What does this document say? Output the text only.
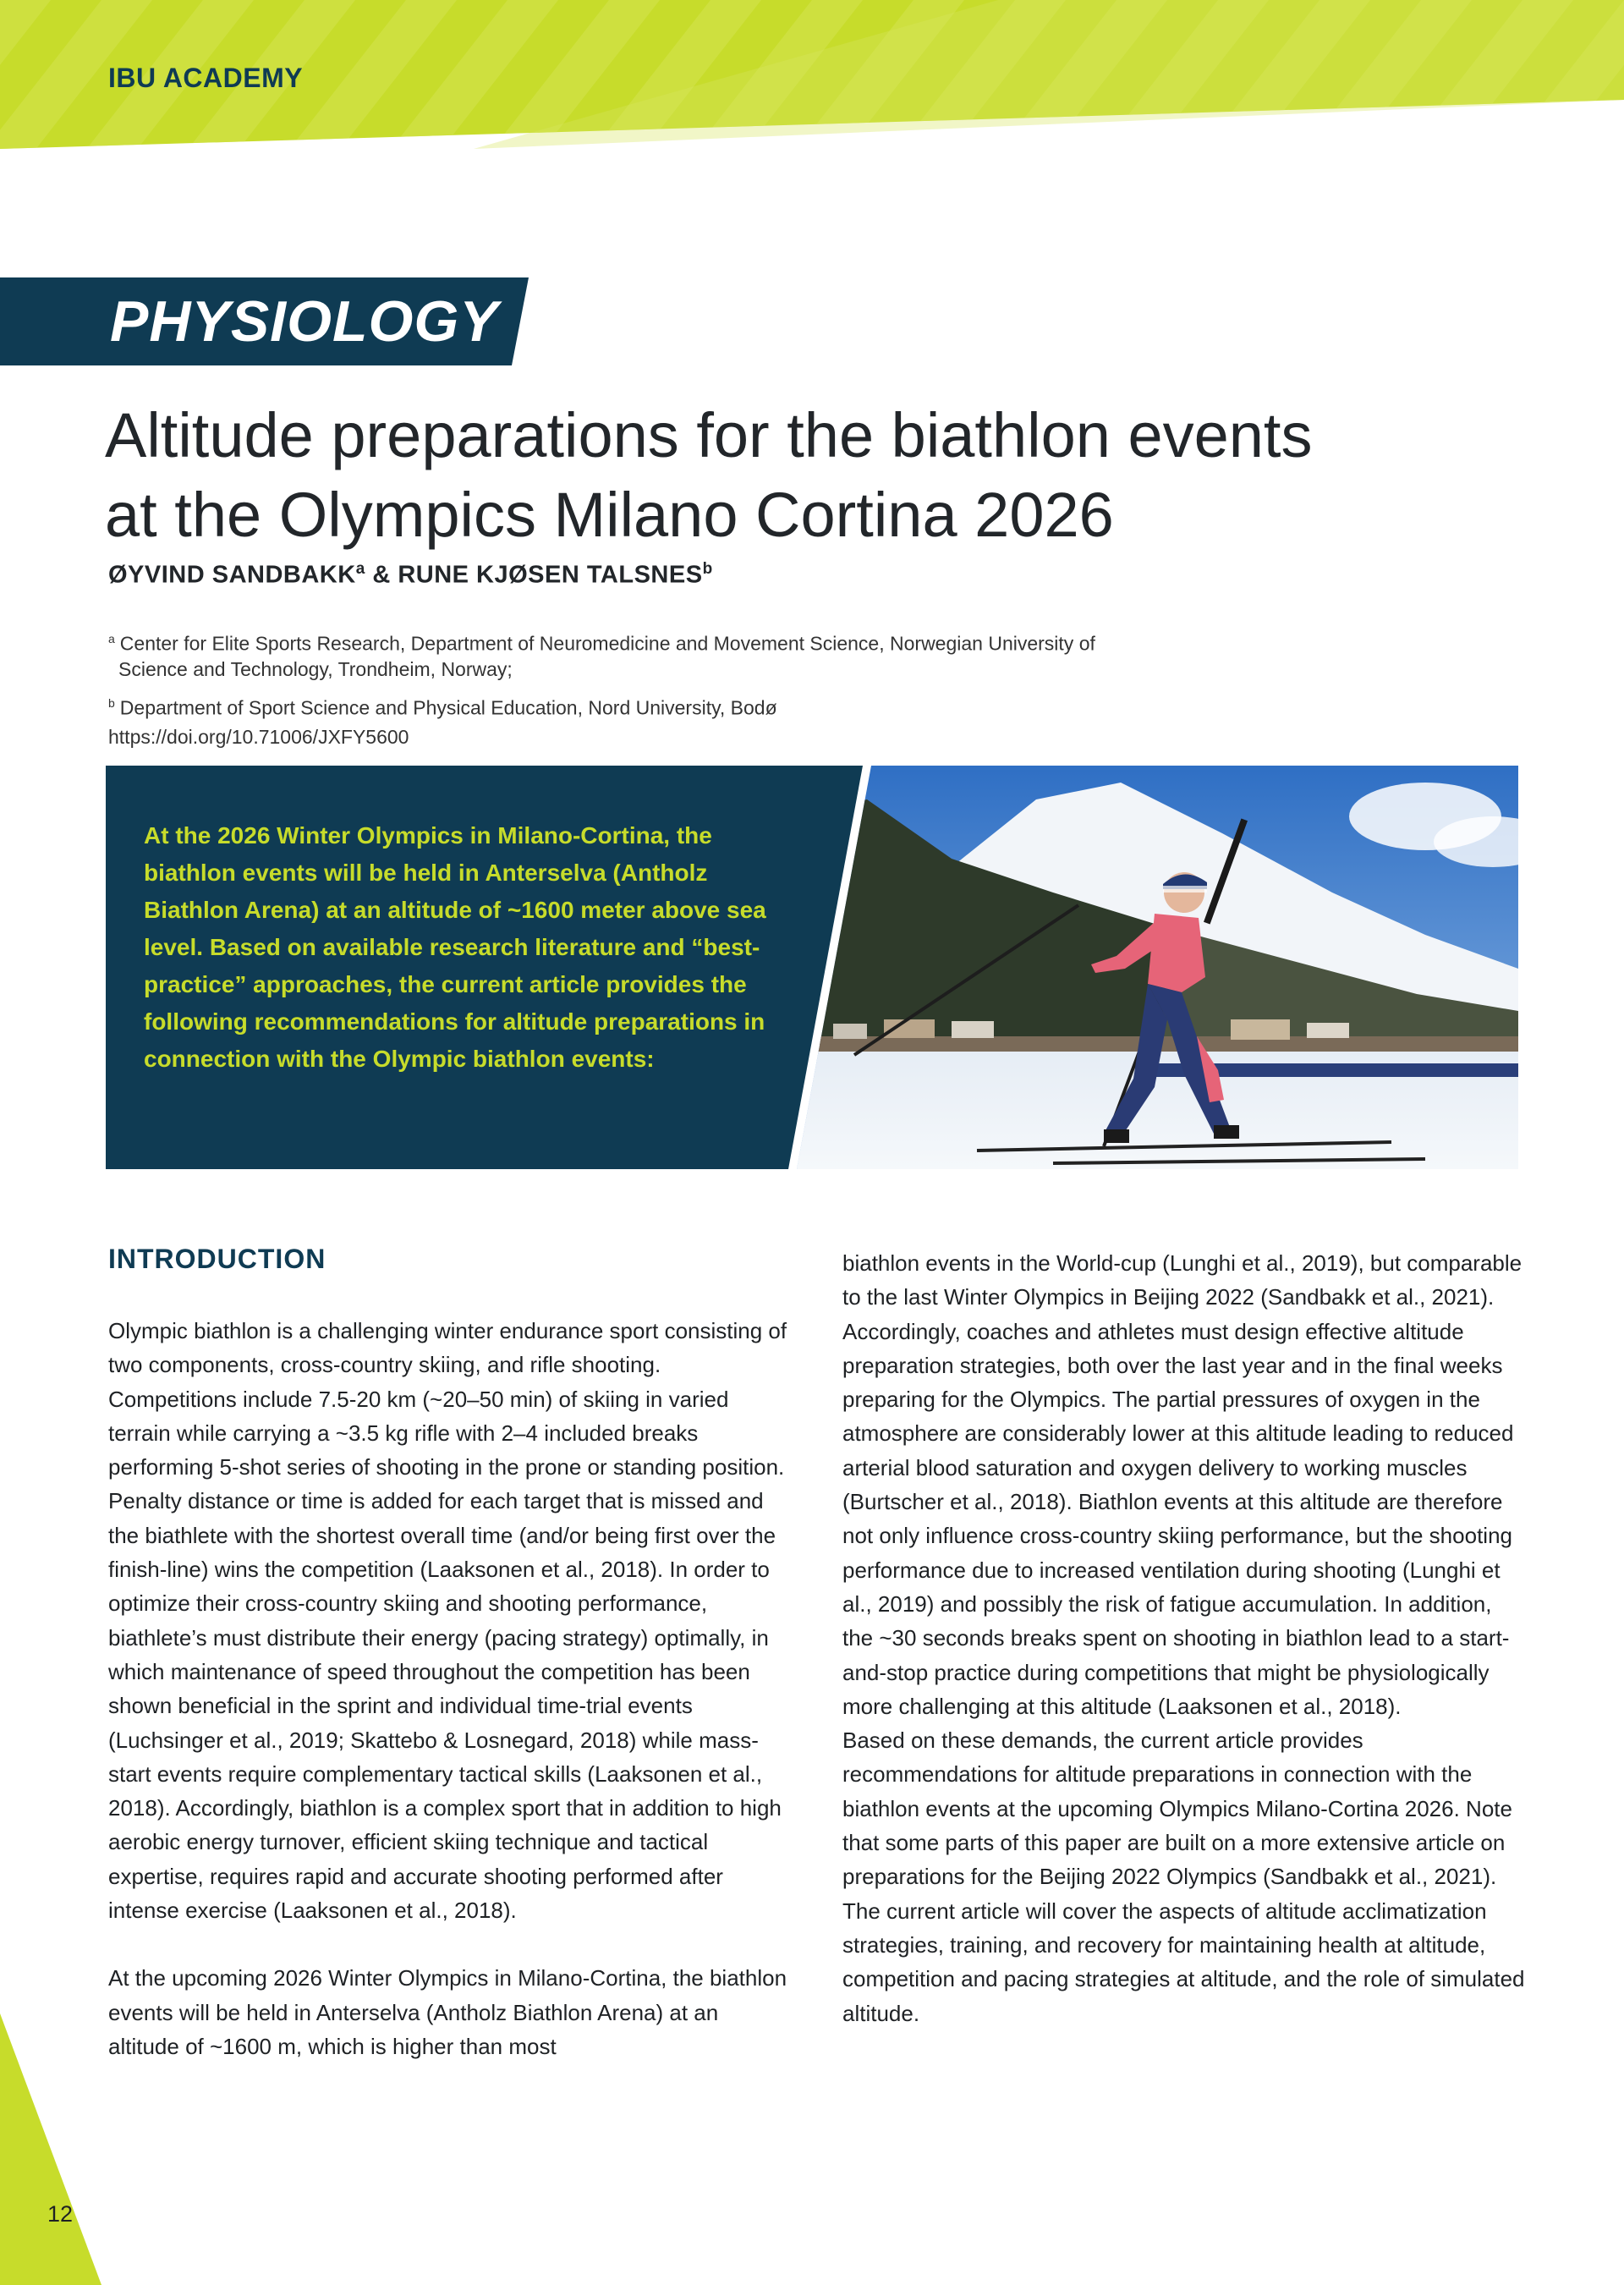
IBU ACADEMY
PHYSIOLOGY
Altitude preparations for the biathlon events
at the Olympics Milano Cortina 2026
ØYVIND SANDBAKK$^a$ & RUNE KJØSEN TALSNES$^b$
$^a$ Center for Elite Sports Research, Department of Neuromedicine and Movement Science, Norwegian University of
Science and Technology, Trondheim, Norway;
$^b$ Department of Sport Science and Physical Education, Nord University, Bodø
https://doi.org/10.71006/JXFY5600
At the 2026 Winter Olympics in Milano-Cortina, the biathlon events will be held in Anterselva (Antholz Biathlon Arena) at an altitude of ~1600 meter above sea level. Based on available research literature and “best-practice” approaches, the current article provides the following recommendations for altitude preparations in connection with the Olympic biathlon events:
INTRODUCTION

Olympic biathlon is a challenging winter endurance sport consisting of two components, cross-country skiing, and rifle shooting. Competitions include 7.5-20 km (~20–50 min) of skiing in varied terrain while carrying a ~3.5 kg rifle with 2–4 included breaks performing 5-shot series of shooting in the prone or standing position. Penalty distance or time is added for each target that is missed and the biathlete with the shortest overall time (and/or being first over the finish-line) wins the competition (Laaksonen et al., 2018). In order to optimize their cross-country skiing and shooting performance, biathlete’s must distribute their energy (pacing strategy) optimally, in which maintenance of speed throughout the competition has been shown beneficial in the sprint and individual time-trial events (Luchsinger et al., 2019; Skattebo & Losnegard, 2018) while mass-start events require complementary tactical skills (Laaksonen et al., 2018). Accordingly, biathlon is a complex sport that in addition to high aerobic energy turnover, efficient skiing technique and tactical expertise, requires rapid and accurate shooting performed after intense exercise (Laaksonen et al., 2018).

At the upcoming 2026 Winter Olympics in Milano-Cortina, the biathlon events will be held in Anterselva (Antholz Biathlon Arena) at an altitude of ~1600 m, which is higher than most

biathlon events in the World-cup (Lunghi et al., 2019), but comparable to the last Winter Olympics in Beijing 2022 (Sandbakk et al., 2021). Accordingly, coaches and athletes must design effective altitude preparation strategies, both over the last year and in the final weeks preparing for the Olympics. The partial pressures of oxygen in the atmosphere are considerably lower at this altitude leading to reduced arterial blood saturation and oxygen delivery to working muscles (Burtscher et al., 2018). Biathlon events at this altitude are therefore not only influence cross-country skiing performance, but the shooting performance due to increased ventilation during shooting (Lunghi et al., 2019) and possibly the risk of fatigue accumulation. In addition, the ~30 seconds breaks spent on shooting in biathlon lead to a start-and-stop practice during competitions that might be physiologically more challenging at this altitude (Laaksonen et al., 2018).

Based on these demands, the current article provides recommendations for altitude preparations in connection with the biathlon events at the upcoming Olympics Milano-Cortina 2026. Note that some parts of this paper are built on a more extensive article on preparations for the Beijing 2022 Olympics (Sandbakk et al., 2021). The current article will cover the aspects of altitude acclimatization strategies, training, and recovery for maintaining health at altitude, competition and pacing strategies at altitude, and the role of simulated altitude.

12
